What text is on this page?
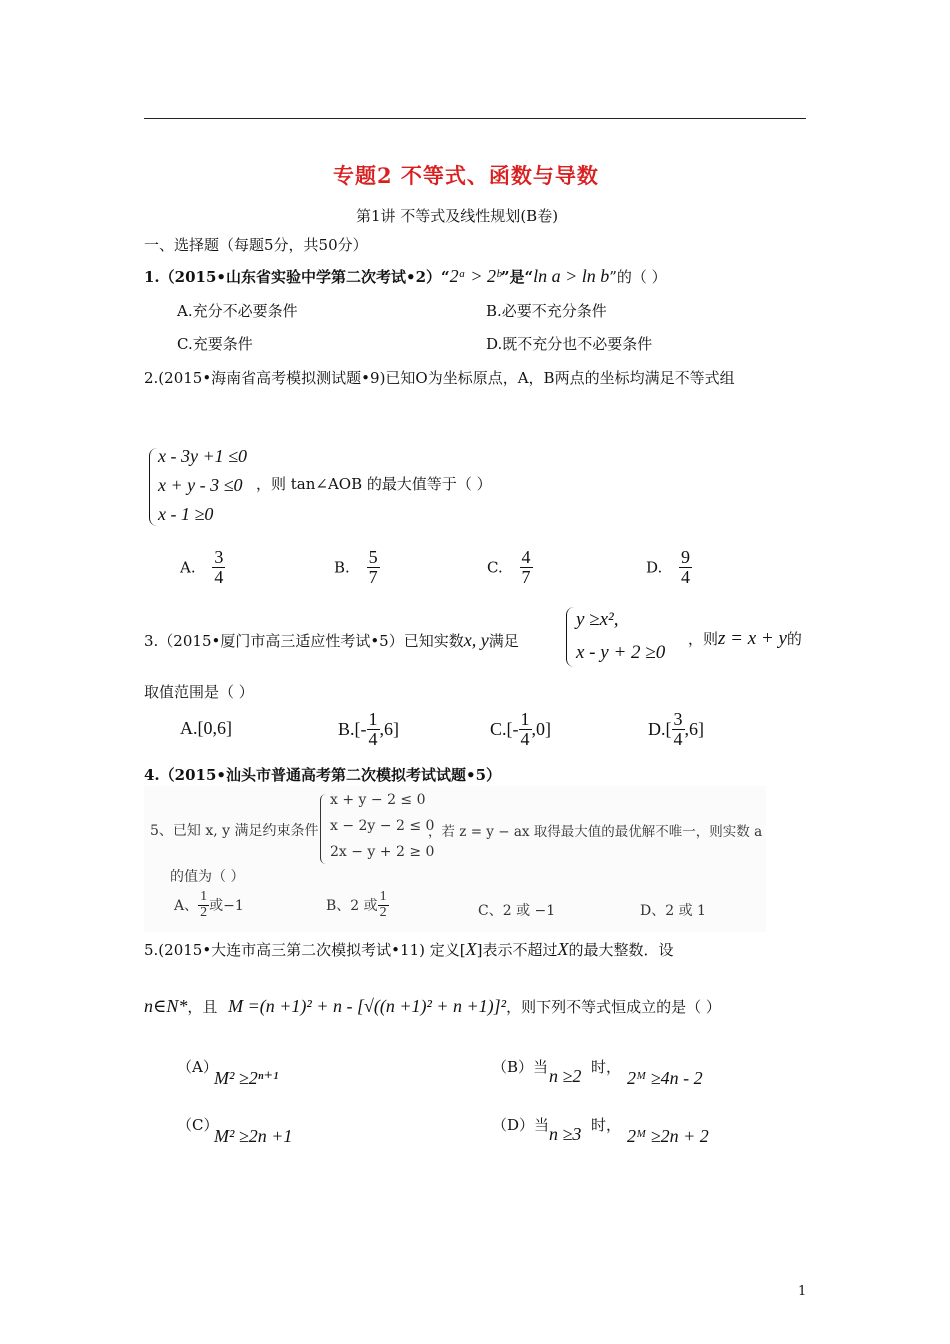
专题2 不等式、函数与导数
第1讲 不等式及线性规划(B卷)
一、选择题（每题5分，共50分）
1.（2015•山东省实验中学第二次考试•2）“2ᵃ > 2ᵇ”是“ln a > ln b”的（ ）
A.充分不必要条件	B.必要不充分条件
C.充要条件	D.既不充分也不必要条件
2.(2015•海南省高考模拟测试题•9)已知O为坐标原点，A，B两点的坐标均满足不等式组
x - 3y +1 ≤0
x + y - 3 ≤0
x - 1 ≥0
，则 tan∠AOB 的最大值等于（ ）
A. $\frac{3}{4}$	B. $\frac{5}{7}$	C. $\frac{4}{7}$	D. $\frac{9}{4}$
3.（2015•厦门市高三适应性考试•5）已知实数x, y满足
y ≥x²,
x - y + 2 ≥0
，则z = x + y的
取值范围是（ ）
A.[0,6]	$B.[- \frac{1}{4} ,6]$	$C.[- \frac{1}{4} ,0]$	$D.[ \frac{3}{4} ,6]$
4.（2015•汕头市普通高考第二次模拟考试试题•5）
5、已知 x, y 满足约束条件
x + y − 2 ≤ 0
x − 2y − 2 ≤ 0
2x − y + 2 ≥ 0
，若 z = y − ax 取得最大值的最优解不唯一，则实数 a
的值为（ ）
A、 $\frac{1}{2}$ 或−1	B、2 或 $\frac{1}{2}$	C、2 或 −1	D、2 或 1
5.(2015•大连市高三第二次模拟考试•11) 定义[X]表示不超过X的最大整数．设
n∈N*，且 M =(n +1)² + n - [√((n +1)² + n +1)]²，则下列不等式恒成立的是（ ）
（A）
M² ≥2ⁿ⁺¹
（B）当 n ≥2 时，
2ᴹ ≥4n - 2
（C）
M² ≥2n +1
（D）当 n ≥3 时，
2ᴹ ≥2n + 2
1
